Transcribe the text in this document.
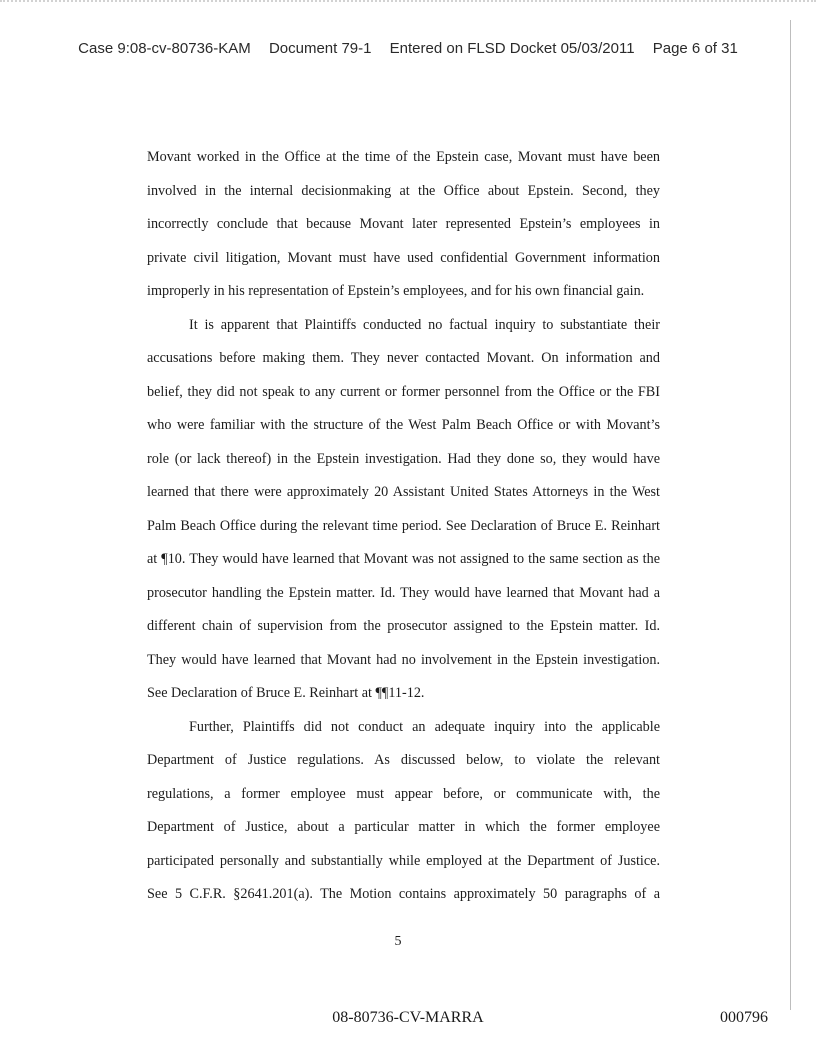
Case 9:08-cv-80736-KAM Document 79-1 Entered on FLSD Docket 05/03/2011 Page 6 of 31
Movant worked in the Office at the time of the Epstein case, Movant must have been
involved in the internal decisionmaking at the Office about Epstein. Second, they
incorrectly conclude that because Movant later represented Epstein’s employees in
private civil litigation, Movant must have used confidential Government information
improperly in his representation of Epstein’s employees, and for his own financial gain.
It is apparent that Plaintiffs conducted no factual inquiry to substantiate their
accusations before making them. They never contacted Movant. On information and
belief, they did not speak to any current or former personnel from the Office or the FBI
who were familiar with the structure of the West Palm Beach Office or with Movant’s
role (or lack thereof) in the Epstein investigation. Had they done so, they would have
learned that there were approximately 20 Assistant United States Attorneys in the West
Palm Beach Office during the relevant time period. See Declaration of Bruce E. Reinhart
at ¶10. They would have learned that Movant was not assigned to the same section as the
prosecutor handling the Epstein matter. Id. They would have learned that Movant had a
different chain of supervision from the prosecutor assigned to the Epstein matter. Id.
They would have learned that Movant had no involvement in the Epstein investigation.
See Declaration of Bruce E. Reinhart at ¶¶11-12.
Further, Plaintiffs did not conduct an adequate inquiry into the applicable
Department of Justice regulations. As discussed below, to violate the relevant
regulations, a former employee must appear before, or communicate with, the
Department of Justice, about a particular matter in which the former employee
participated personally and substantially while employed at the Department of Justice.
See 5 C.F.R. §2641.201(a). The Motion contains approximately 50 paragraphs of a
5
08-80736-CV-MARRA	000796
